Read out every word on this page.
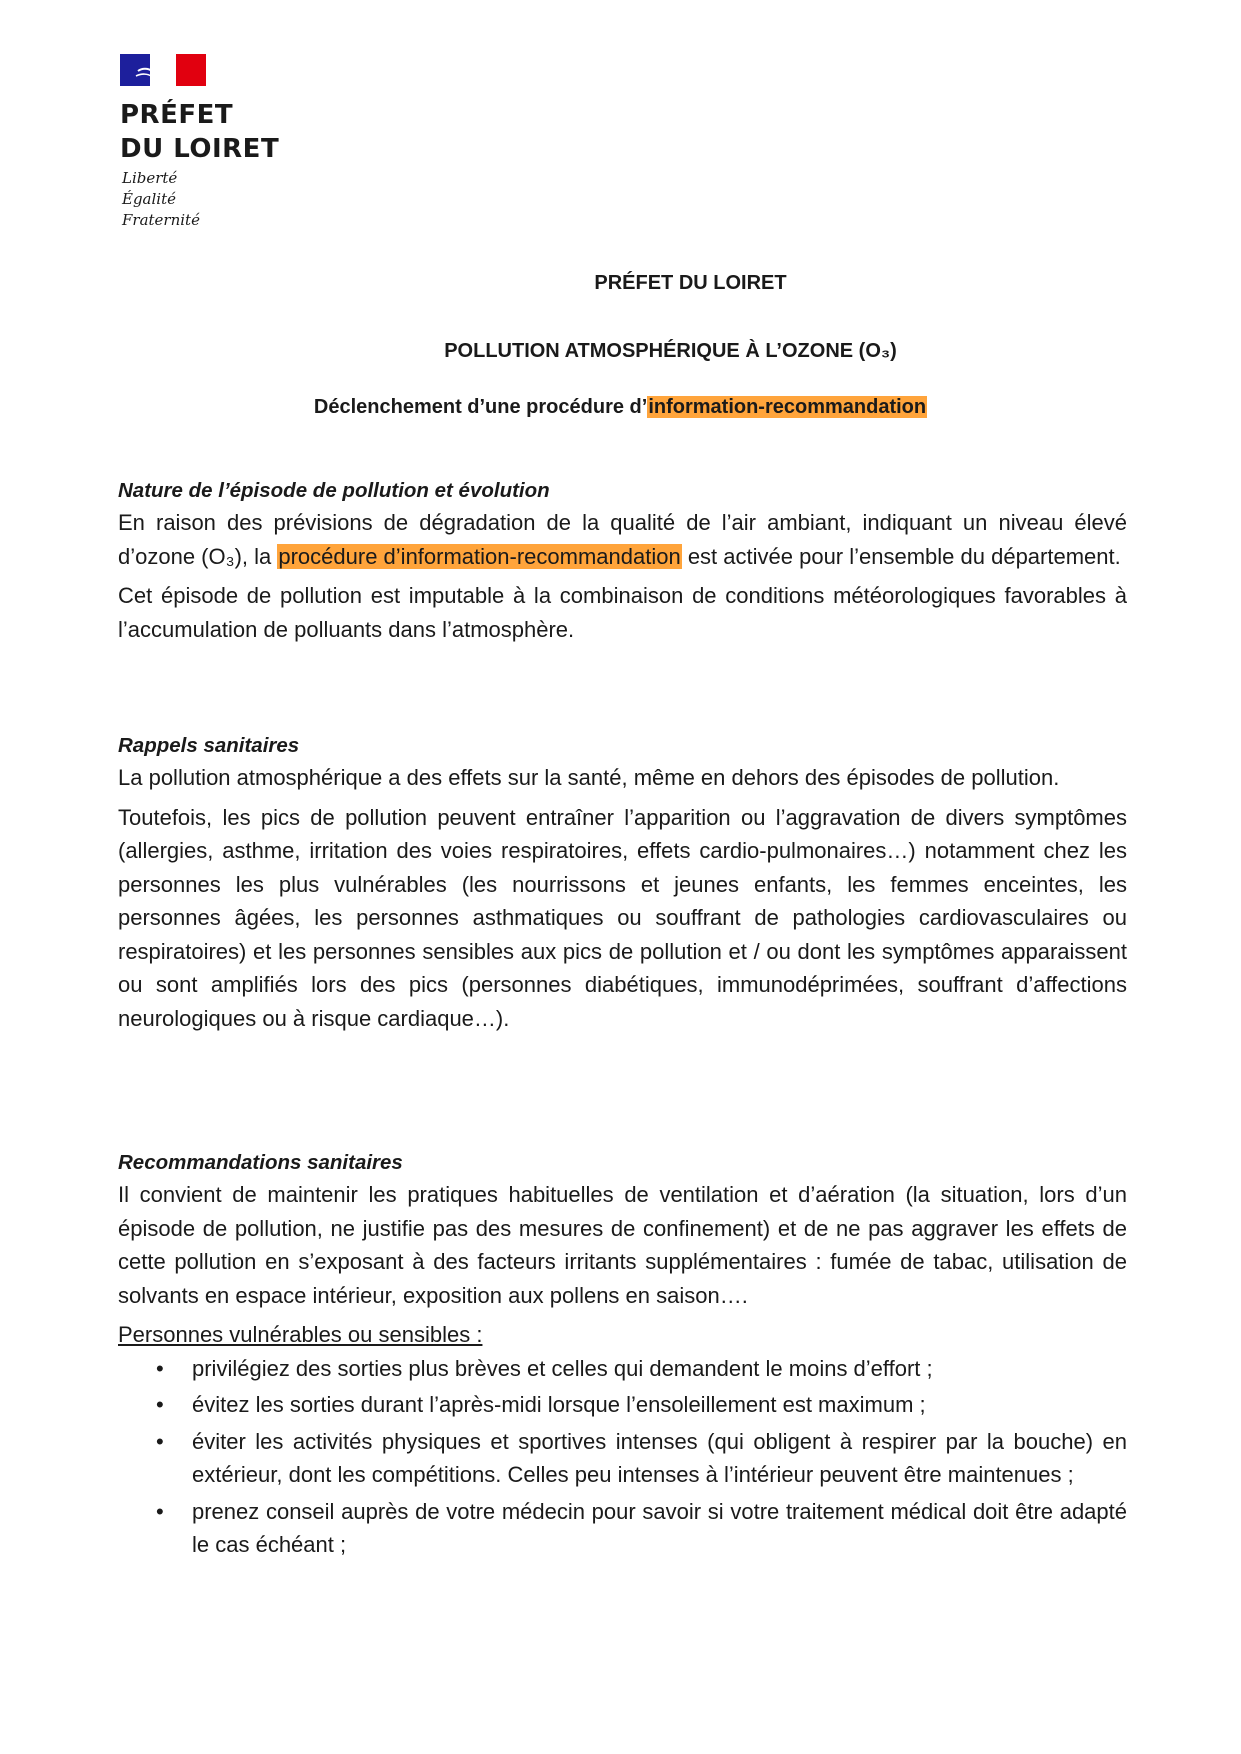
PRÉFET
DU LOIRET
Liberté
Égalité
Fraternité
PRÉFET DU LOIRET
POLLUTION ATMOSPHÉRIQUE À L’OZONE (O₃)
Déclenchement d’une procédure d’information-recommandation
Nature de l’épisode de pollution et évolution

En raison des prévisions de dégradation de la qualité de l’air ambiant, indiquant un niveau élevé d’ozone (O₃), la procédure d’information-recommandation est activée pour l’ensemble du département.

Cet épisode de pollution est imputable à la combinaison de conditions météorologiques favorables à l’accumulation de polluants dans l’atmosphère.

Rappels sanitaires

La pollution atmosphérique a des effets sur la santé, même en dehors des épisodes de pollution.

Toutefois, les pics de pollution peuvent entraîner l’apparition ou l’aggravation de divers symptômes (allergies, asthme, irritation des voies respiratoires, effets cardio-pulmonaires…) notamment chez les personnes les plus vulnérables (les nourrissons et jeunes enfants, les femmes enceintes, les personnes âgées, les personnes asthmatiques ou souffrant de pathologies cardiovasculaires ou respiratoires) et les personnes sensibles aux pics de pollution et / ou dont les symptômes apparaissent ou sont amplifiés lors des pics (personnes diabétiques, immunodéprimées, souffrant d’affections neurologiques ou à risque cardiaque…).

Recommandations sanitaires

Il convient de maintenir les pratiques habituelles de ventilation et d’aération (la situation, lors d’un épisode de pollution, ne justifie pas des mesures de confinement) et de ne pas aggraver les effets de cette pollution en s’exposant à des facteurs irritants supplémentaires : fumée de tabac, utilisation de solvants en espace intérieur, exposition aux pollens en saison….

Personnes vulnérables ou sensibles :
• privilégiez des sorties plus brèves et celles qui demandent le moins d’effort ;
• évitez les sorties durant l’après-midi lorsque l’ensoleillement est maximum ;
• éviter les activités physiques et sportives intenses (qui obligent à respirer par la bouche) en extérieur, dont les compétitions. Celles peu intenses à l’intérieur peuvent être maintenues ;
• prenez conseil auprès de votre médecin pour savoir si votre traitement médical doit être adapté le cas échéant ;
